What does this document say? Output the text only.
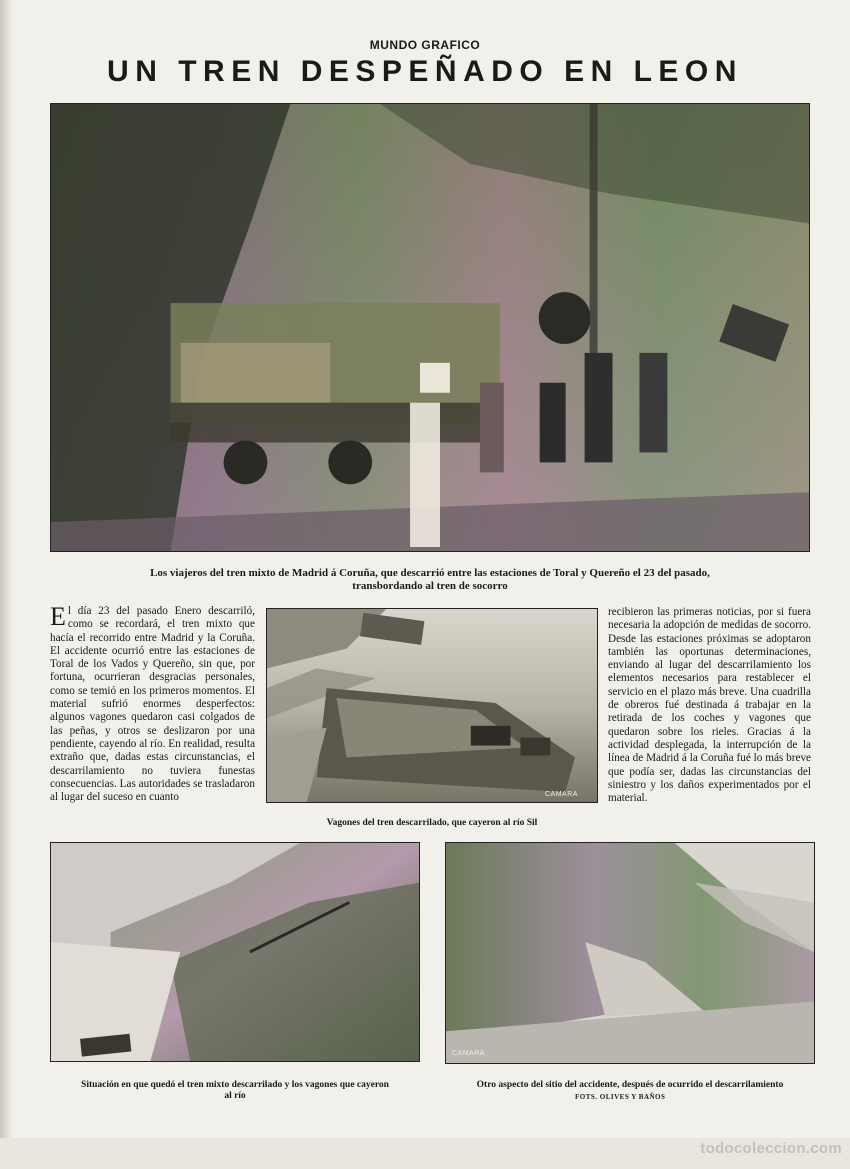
MUNDO GRAFICO
UN TREN DESPEÑADO EN LEON
Los viajeros del tren mixto de Madrid á Coruña, que descarrió entre las estaciones de Toral y Quereño el 23 del pasado,
transbordando al tren de socorro
El día 23 del pasado Enero descarriló, como se recordará, el tren mixto que hacía el recorrido entre Madrid y la Coruña. El accidente ocurrió entre las estaciones de Toral de los Vados y Quereño, sin que, por fortuna, ocurrieran desgracias personales, como se temió en los primeros momentos. El material sufrió enormes desperfectos: algunos vagones quedaron casi colgados de las peñas, y otros se deslizaron por una pendiente, cayendo al río. En realidad, resulta extraño que, dadas estas circunstancias, el descarrilamiento no tuviera funestas consecuencias. Las autoridades se trasladaron al lugar del suceso en cuanto	CAMARA
Vagones del tren descarrilado, que cayeron al río Sil
recibieron las primeras noticias, por si fuera necesaria la adopción de medidas de socorro. Desde las estaciones próximas se adoptaron también las oportunas determinaciones, enviando al lugar del descarrilamiento los elementos necesarios para restablecer el servicio en el plazo más breve. Una cuadrilla de obreros fué destinada á trabajar en la retirada de los coches y vagones que quedaron sobre los rieles. Gracias á la actividad desplegada, la interrupción de la línea de Madrid á la Coruña fué lo más breve que podía ser, dadas las circunstancias del siniestro y los daños experimentados por el material.
Situación en que quedó el tren mixto descarrilado y los vagones que cayeron
al río
CAMARA
Otro aspecto del sitio del accidente, después de ocurrido el descarrilamiento
FOTS. OLIVES Y BAÑOS
todocoleccion.com
